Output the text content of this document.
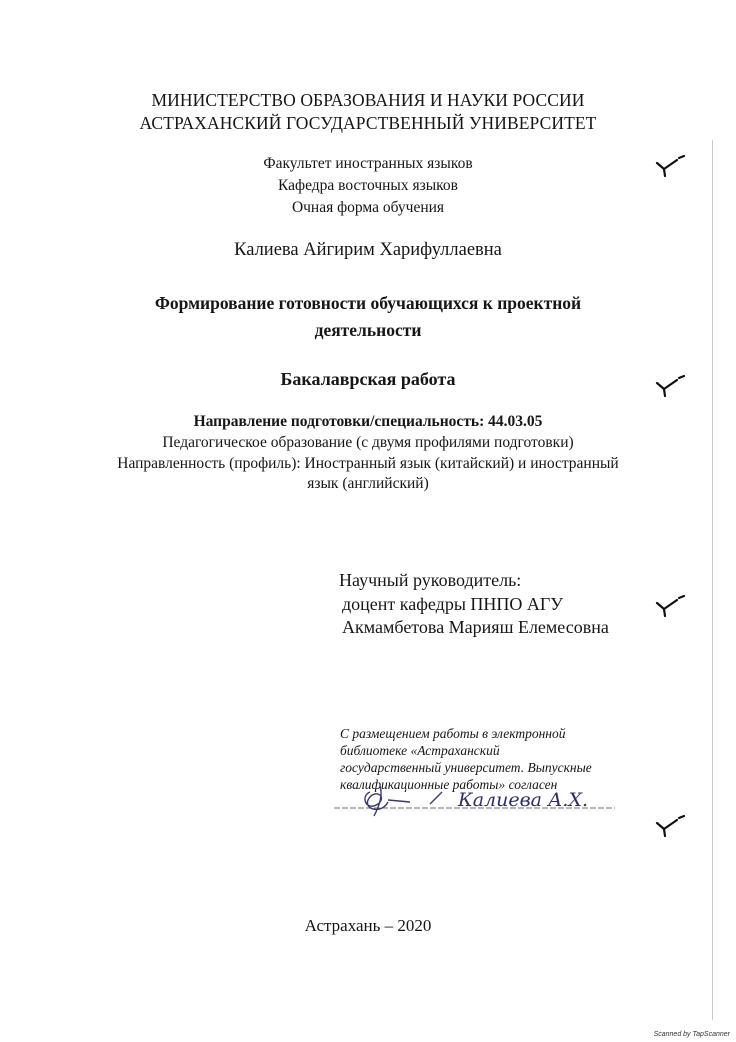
МИНИСТЕРСТВО ОБРАЗОВАНИЯ И НАУКИ РОССИИ
АСТРАХАНСКИЙ ГОСУДАРСТВЕННЫЙ УНИВЕРСИТЕТ
Факультет иностранных языков
Кафедра восточных языков
Очная форма обучения
Калиева Айгирим Харифуллаевна
Формирование готовности обучающихся к проектной
деятельности
Бакалаврская работа
Направление подготовки/специальность: 44.03.05
Педагогическое образование (с двумя профилями подготовки)
Направленность (профиль): Иностранный язык (китайский) и иностранный
язык (английский)
Научный руководитель:
доцент кафедры ПНПО АГУ
Акмамбетова Марияш Елемесовна
С размещением работы в электронной
библиотеке «Астраханский
государственный университет. Выпускные
квалификационные работы» согласен
Калиева А.Х.
Астрахань – 2020
Scanned by TapScanner
